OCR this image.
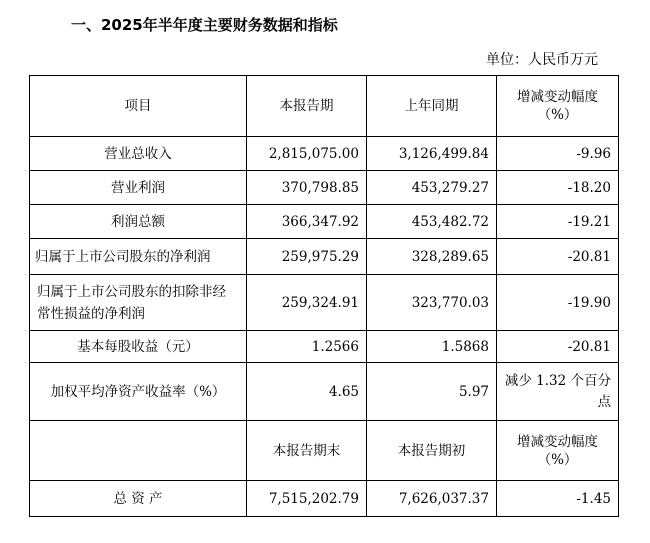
一、2025年半年度主要财务数据和指标
单位：人民币万元
项目	本报告期	上年同期	增减变动幅度（%）
营业总收入	2,815,075.00	3,126,499.84	-9.96
营业利润	370,798.85	453,279.27	-18.20
利润总额	366,347.92	453,482.72	-19.21
归属于上市公司股东的净利润	259,975.29	328,289.65	-20.81
归属于上市公司股东的扣除非经常性损益的净利润	259,324.91	323,770.03	-19.90
基本每股收益（元）	1.2566	1.5868	-20.81
加权平均净资产收益率（%）	4.65	5.97	减少 1.32 个百分点
	本报告期末	本报告期初	增减变动幅度（%）
总 资 产	7,515,202.79	7,626,037.37	-1.45
